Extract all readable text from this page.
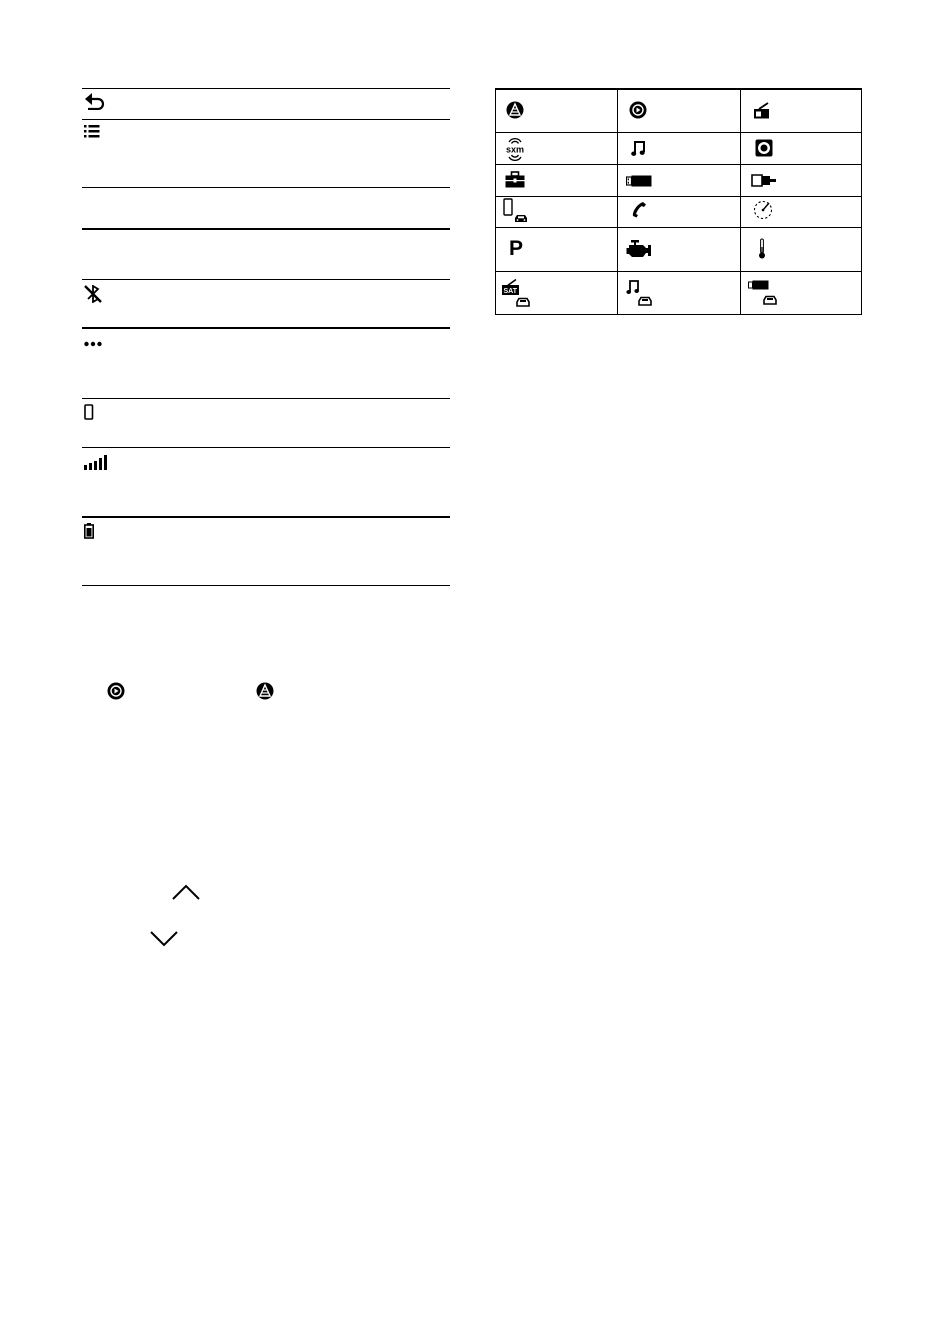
sxm
P
SAT
